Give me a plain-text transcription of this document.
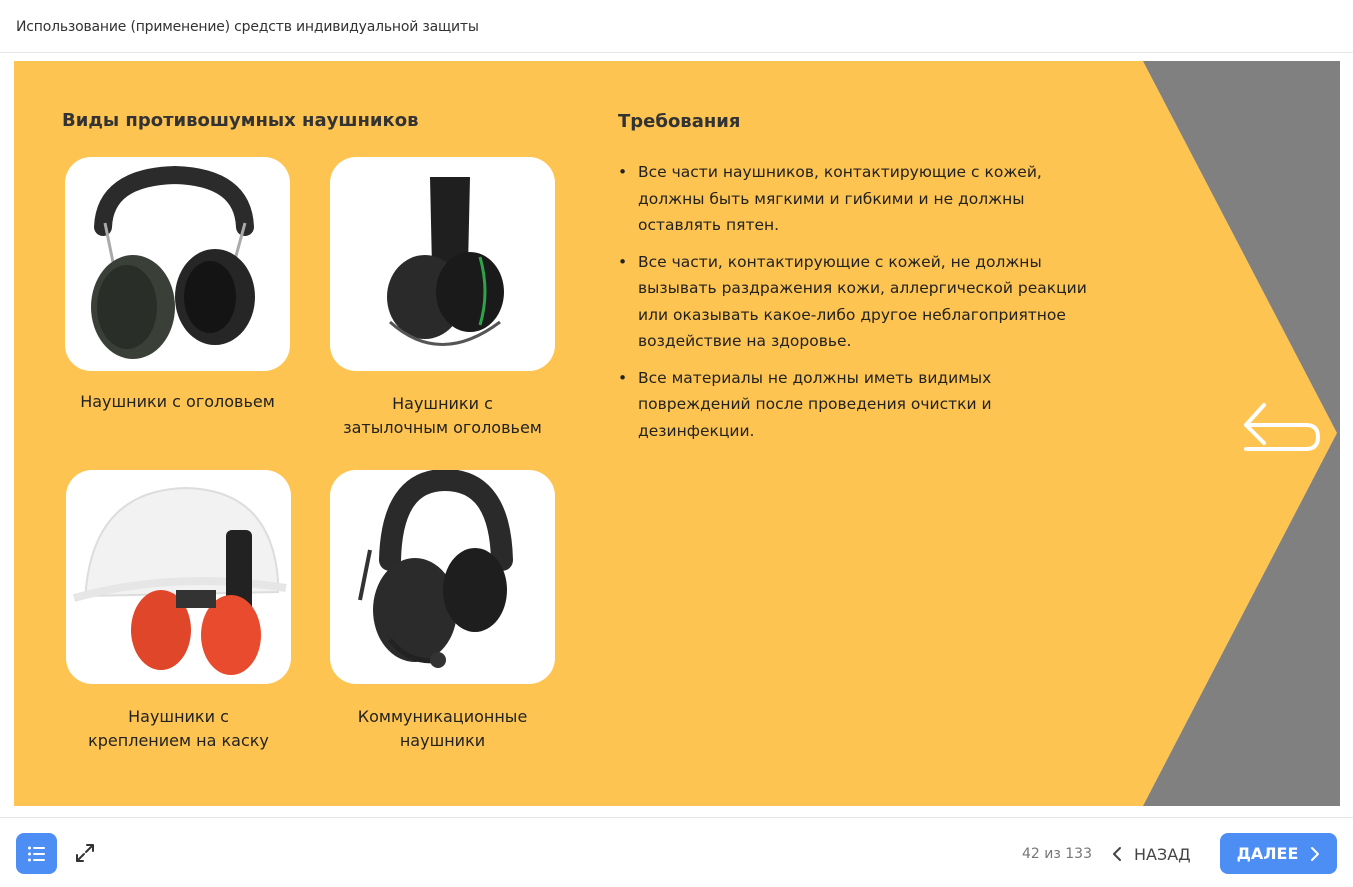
Использование (применение) средств индивидуальной защиты
Виды противошумных наушников	Требования
Наушники с оголовьем	Наушники с затылочным оголовьем
Наушники с креплением на каску
Коммуникационные наушники
• Все части наушников, контактирующие с кожей, должны быть мягкими и гибкими и не должны оставлять пятен.
• Все части, контактирующие с кожей, не должны вызывать раздражения кожи, аллергической реакции или оказывать какое-либо другое неблагоприятное воздействие на здоровье.
• Все материалы не должны иметь видимых повреждений после проведения очистки и дезинфекции.
42 из 133	НАЗАД	ДАЛЕЕ
